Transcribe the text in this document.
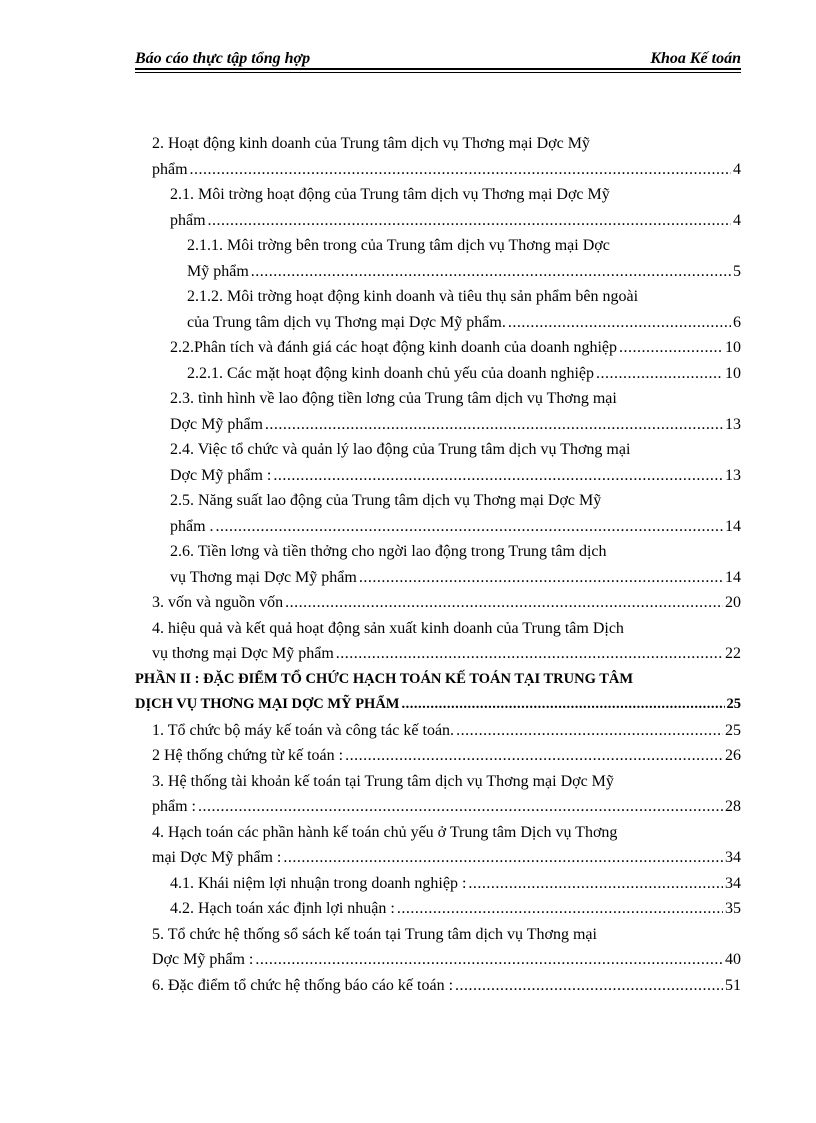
Báo cáo thực tập tổng hợp	Khoa Kế toán
2. Hoạt động kinh doanh của Trung tâm dịch vụ Thơng mại Dợc Mỹ
phẩm .....	4
2.1. Môi trờng hoạt động của Trung tâm dịch vụ Thơng mại Dợc Mỹ
phẩm .....	4
2.1.1. Môi trờng bên trong của Trung tâm dịch vụ Thơng mại Dợc
Mỹ phẩm .....	5
2.1.2. Môi trờng hoạt động kinh doanh và tiêu thụ sản phẩm bên ngoài
của Trung tâm dịch vụ Thơng mại Dợc Mỹ phẩm. .....	6
2.2.Phân tích và đánh giá các hoạt động kinh doanh của doanh nghiệp .....	10
2.2.1. Các mặt hoạt động kinh doanh chủ yếu của doanh nghiệp .....	10
2.3. tình hình về lao động tiền lơng của Trung tâm dịch vụ Thơng mại
Dợc Mỹ phẩm .....	13
2.4. Việc tổ chức và quản lý lao động của Trung tâm dịch vụ Thơng mại
Dợc Mỹ phẩm : .....	13
2.5. Năng suất lao động của Trung tâm dịch vụ Thơng mại Dợc Mỹ
phẩm . .....	14
2.6. Tiền lơng và tiền thởng cho ngời lao động trong Trung tâm dịch
vụ Thơng mại Dợc Mỹ phẩm .....	14
3. vốn và nguồn vốn .....	20
4. hiệu quả và kết quả hoạt động sản xuất kinh doanh của Trung tâm Dịch
vụ thơng mại Dợc Mỹ phẩm .....	22
PHẦN II : ĐẶC ĐIỂM TỔ CHỨC HẠCH TOÁN KẾ TOÁN TẠI TRUNG TÂM
DỊCH VỤ THƠNG MẠI DỢC MỸ PHẨM .....	25
1. Tổ chức bộ máy kế toán và công tác kế toán. .....	25
2 Hệ thống chứng từ kế toán : .....	26
3. Hệ thống tài khoản kế toán tại Trung tâm dịch vụ Thơng mại Dợc Mỹ
phẩm : .....	28
4. Hạch toán các phần hành kế toán chủ yếu ở Trung tâm Dịch vụ Thơng
mại Dợc Mỹ phẩm : .....	34
4.1. Khái niệm lợi nhuận trong doanh nghiệp : .....	34
4.2. Hạch toán xác định lợi nhuận : .....	35
5. Tổ chức hệ thống sổ sách kế toán tại Trung tâm dịch vụ Thơng mại
Dợc Mỹ phẩm : .....	40
6. Đặc điểm tổ chức hệ thống báo cáo kế toán : .....	51
